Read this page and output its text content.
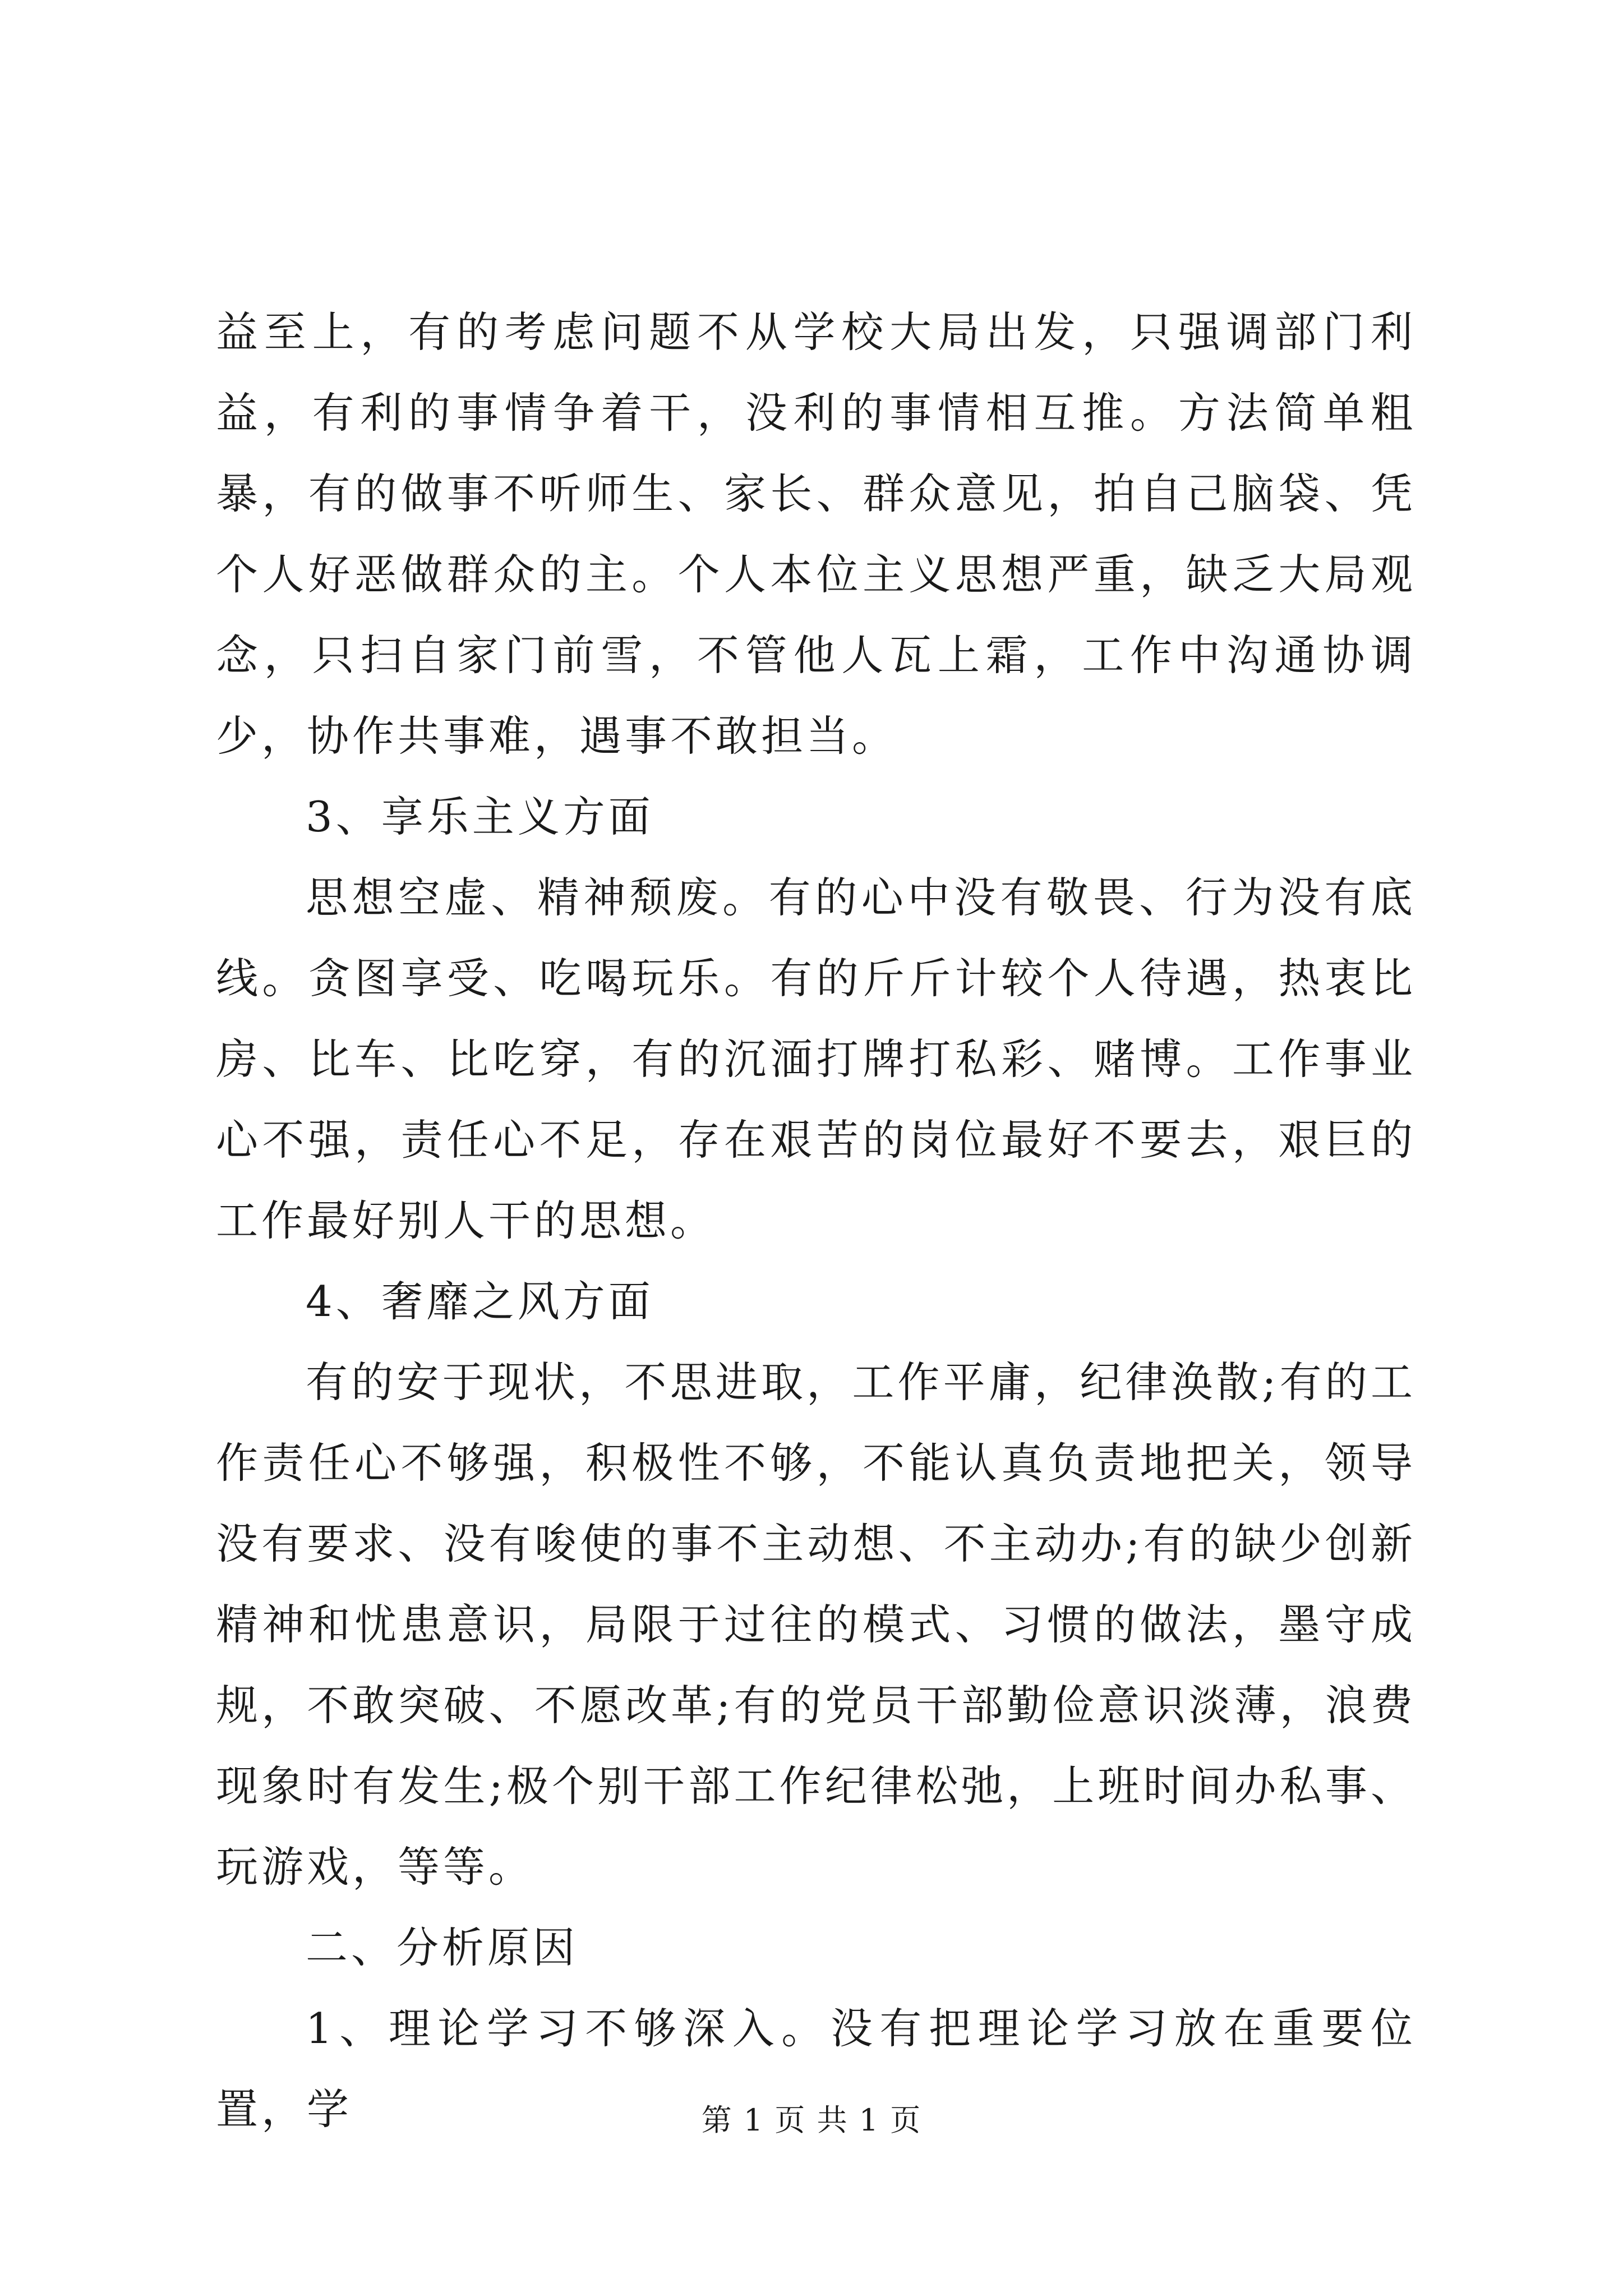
益至上，有的考虑问题不从学校大局出发，只强调部门利益，有利的事情争着干，没利的事情相互推。方法简单粗暴，有的做事不听师生、家长、群众意见，拍自己脑袋、凭个人好恶做群众的主。个人本位主义思想严重，缺乏大局观念，只扫自家门前雪，不管他人瓦上霜，工作中沟通协调少，协作共事难，遇事不敢担当。

3、享乐主义方面

思想空虚、精神颓废。有的心中没有敬畏、行为没有底线。贪图享受、吃喝玩乐。有的斤斤计较个人待遇，热衷比房、比车、比吃穿，有的沉湎打牌打私彩、赌博。工作事业心不强，责任心不足，存在艰苦的岗位最好不要去，艰巨的工作最好别人干的思想。

4、奢靡之风方面

有的安于现状，不思进取，工作平庸，纪律涣散;有的工作责任心不够强，积极性不够，不能认真负责地把关，领导没有要求、没有唆使的事不主动想、不主动办;有的缺少创新精神和忧患意识，局限于过往的模式、习惯的做法，墨守成规，不敢突破、不愿改革;有的党员干部勤俭意识淡薄，浪费现象时有发生;极个别干部工作纪律松弛，上班时间办私事、玩游戏，等等。

二、分析原因

1、理论学习不够深入。没有把理论学习放在重要位置，学	第 1 页 共 1 页
